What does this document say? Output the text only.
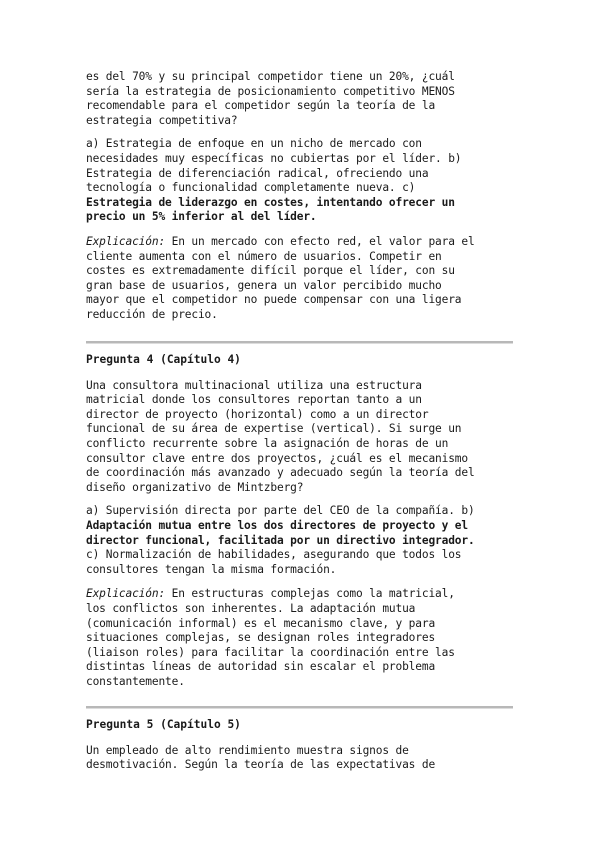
es del 70% y su principal competidor tiene un 20%, ¿cuál

sería la estrategia de posicionamiento competitivo MENOS

recomendable para el competidor según la teoría de la

estrategia competitiva?

a) Estrategia de enfoque en un nicho de mercado con

necesidades muy específicas no cubiertas por el líder. b)

Estrategia de diferenciación radical, ofreciendo una

tecnología o funcionalidad completamente nueva. c)

Estrategia de liderazgo en costes, intentando ofrecer un

precio un 5% inferior al del líder.

Explicación: En un mercado con efecto red, el valor para el

cliente aumenta con el número de usuarios. Competir en

costes es extremadamente difícil porque el líder, con su

gran base de usuarios, genera un valor percibido mucho

mayor que el competidor no puede compensar con una ligera

reducción de precio.

Pregunta 4 (Capítulo 4)

Una consultora multinacional utiliza una estructura

matricial donde los consultores reportan tanto a un

director de proyecto (horizontal) como a un director

funcional de su área de expertise (vertical). Si surge un

conflicto recurrente sobre la asignación de horas de un

consultor clave entre dos proyectos, ¿cuál es el mecanismo

de coordinación más avanzado y adecuado según la teoría del

diseño organizativo de Mintzberg?

a) Supervisión directa por parte del CEO de la compañía. b)

Adaptación mutua entre los dos directores de proyecto y el

director funcional, facilitada por un directivo integrador.

c) Normalización de habilidades, asegurando que todos los

consultores tengan la misma formación.

Explicación: En estructuras complejas como la matricial,

los conflictos son inherentes. La adaptación mutua

(comunicación informal) es el mecanismo clave, y para

situaciones complejas, se designan roles integradores

(liaison roles) para facilitar la coordinación entre las

distintas líneas de autoridad sin escalar el problema

constantemente.

Pregunta 5 (Capítulo 5)

Un empleado de alto rendimiento muestra signos de

desmotivación. Según la teoría de las expectativas de
